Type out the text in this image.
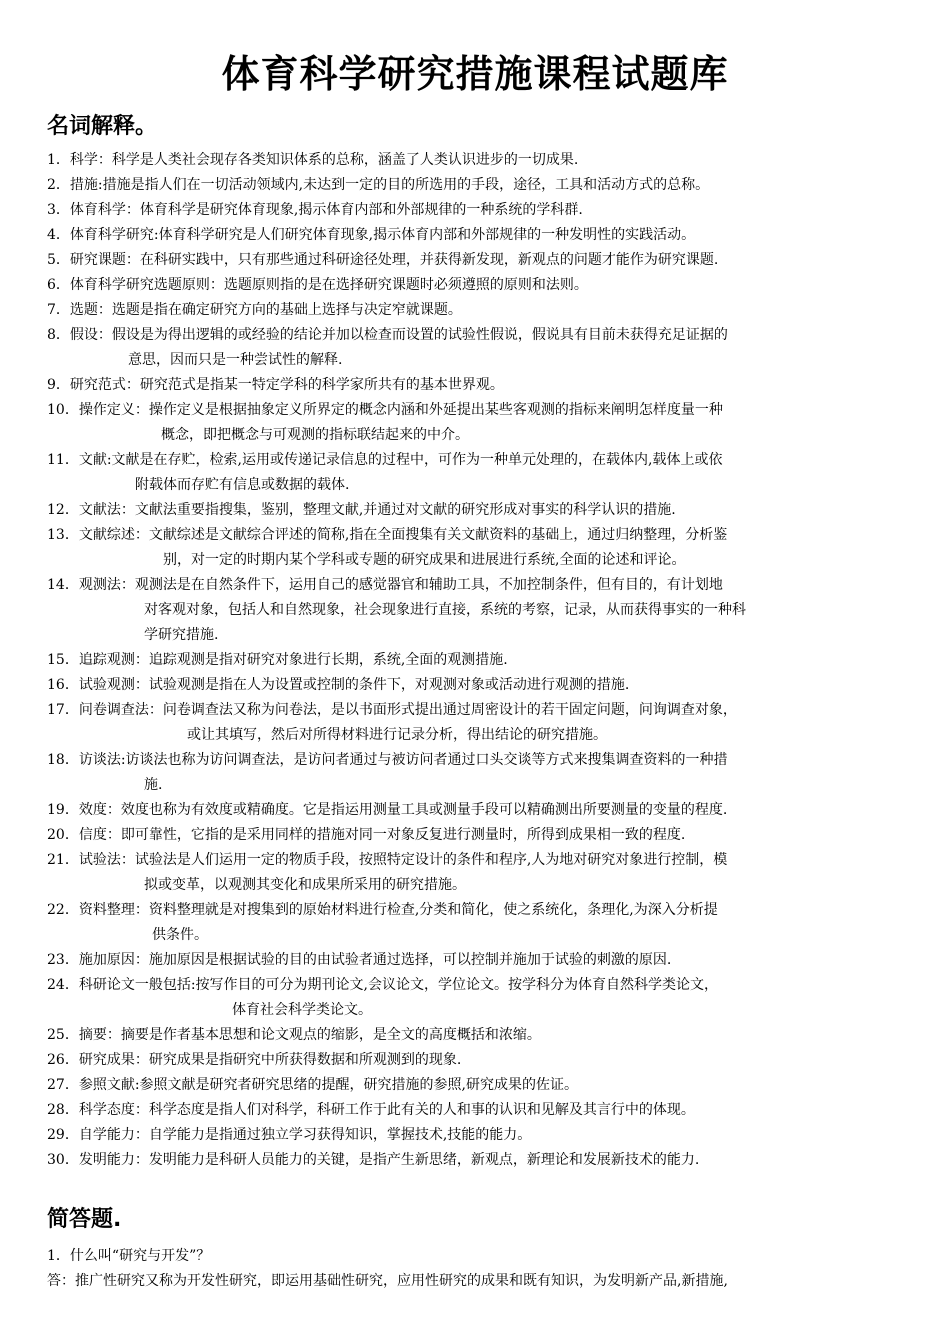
体育科学研究措施课程试题库
名词解释。
1．科学：科学是人类社会现存各类知识体系的总称，涵盖了人类认识进步的一切成果.
2．措施:措施是指人们在一切活动领域内,未达到一定的目的所选用的手段，途径，工具和活动方式的总称。
3．体育科学：体育科学是研究体育现象,揭示体育内部和外部规律的一种系统的学科群.
4．体育科学研究:体育科学研究是人们研究体育现象,揭示体育内部和外部规律的一种发明性的实践活动。
5．研究课题：在科研实践中，只有那些通过科研途径处理，并获得新发现，新观点的问题才能作为研究课题.
6．体育科学研究选题原则：选题原则指的是在选择研究课题时必须遵照的原则和法则。
7．选题：选题是指在确定研究方向的基础上选择与决定窄就课题。
8．假设：假设是为得出逻辑的或经验的结论并加以检查而设置的试验性假说，假说具有目前未获得充足证据的
意思，因而只是一种尝试性的解释.
9．研究范式：研究范式是指某一特定学科的科学家所共有的基本世界观。
10．操作定义：操作定义是根据抽象定义所界定的概念内涵和外延提出某些客观测的指标来阐明怎样度量一种
概念，即把概念与可观测的指标联结起来的中介。
11．文献:文献是在存贮，检索,运用或传递记录信息的过程中，可作为一种单元处理的，在载体内,载体上或依
附载体而存贮有信息或数据的载体.
12．文献法：文献法重要指搜集，鉴别，整理文献,并通过对文献的研究形成对事实的科学认识的措施.
13．文献综述：文献综述是文献综合评述的简称,指在全面搜集有关文献资料的基础上，通过归纳整理，分析鉴
别，对一定的时期内某个学科或专题的研究成果和进展进行系统,全面的论述和评论。
14．观测法：观测法是在自然条件下，运用自己的感觉器官和辅助工具，不加控制条件，但有目的，有计划地
对客观对象，包括人和自然现象，社会现象进行直接，系统的考察，记录，从而获得事实的一种科
学研究措施.
15．追踪观测：追踪观测是指对研究对象进行长期，系统,全面的观测措施.
16．试验观测：试验观测是指在人为设置或控制的条件下，对观测对象或活动进行观测的措施.
17．问卷调查法：问卷调查法又称为问卷法，是以书面形式提出通过周密设计的若干固定问题，问询调查对象，
或让其填写，然后对所得材料进行记录分析，得出结论的研究措施。
18．访谈法:访谈法也称为访问调查法，是访问者通过与被访问者通过口头交谈等方式来搜集调查资料的一种措
施.
19．效度：效度也称为有效度或精确度。它是指运用测量工具或测量手段可以精确测出所要测量的变量的程度.
20．信度：即可靠性，它指的是采用同样的措施对同一对象反复进行测量时，所得到成果相一致的程度.
21．试验法：试验法是人们运用一定的物质手段，按照特定设计的条件和程序,人为地对研究对象进行控制，模
拟或变革，以观测其变化和成果所采用的研究措施。
22．资料整理：资料整理就是对搜集到的原始材料进行检查,分类和简化，使之系统化，条理化,为深入分析提
供条件。
23．施加原因：施加原因是根据试验的目的由试验者通过选择，可以控制并施加于试验的刺激的原因.
24．科研论文一般包括:按写作目的可分为期刊论文,会议论文，学位论文。按学科分为体育自然科学类论文，
体育社会科学类论文。
25．摘要：摘要是作者基本思想和论文观点的缩影，是全文的高度概括和浓缩。
26．研究成果：研究成果是指研究中所获得数据和所观测到的现象.
27．参照文献:参照文献是研究者研究思绪的提醒，研究措施的参照,研究成果的佐证。
28．科学态度：科学态度是指人们对科学，科研工作于此有关的人和事的认识和见解及其言行中的体现。
29．自学能力：自学能力是指通过独立学习获得知识，掌握技术,技能的能力。
30．发明能力：发明能力是科研人员能力的关键，是指产生新思绪，新观点，新理论和发展新技术的能力.
简答题.
1．什么叫“研究与开发”？
答：推广性研究又称为开发性研究，即运用基础性研究，应用性研究的成果和既有知识，为发明新产品,新措施,
